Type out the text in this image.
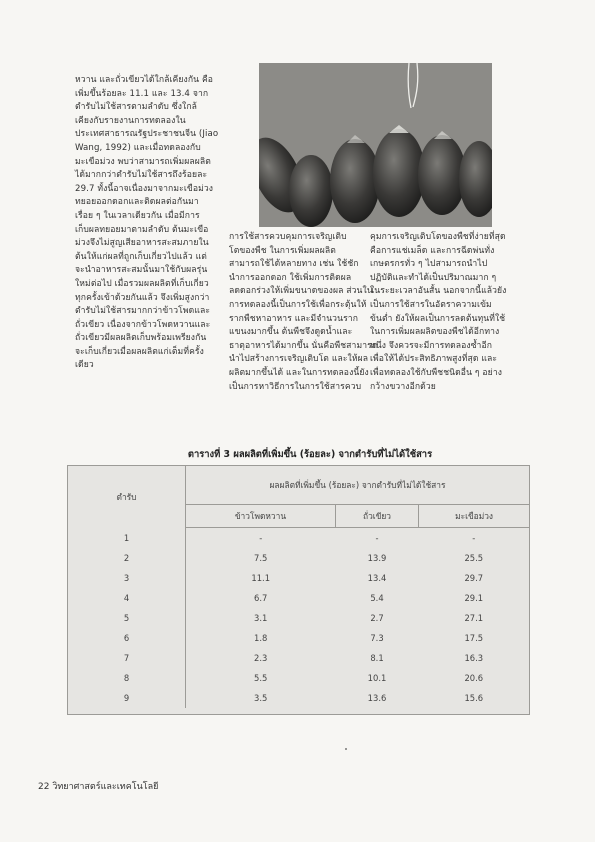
หวาน และถั่วเขียวได้ใกล้เคียงกัน คือ

เพิ่มขึ้นร้อยละ 11.1 และ 13.4 จาก

ตำรับไม่ใช้สารตามลำดับ ซึ่งใกล้

เคียงกับรายงานการทดลองใน

ประเทศสาธารณรัฐประชาชนจีน (Jiao

Wang, 1992) และเมื่อทดลองกับ

มะเขือม่วง พบว่าสามารถเพิ่มผลผลิต

ได้มากกว่าตำรับไม่ใช้สารถึงร้อยละ

29.7 ทั้งนี้อาจเนื่องมาจากมะเขือม่วง

ทยอยออกดอกและติดผลต่อกันมา

เรื่อย ๆ ในเวลาเดียวกัน เมื่อมีการ

เก็บผลทยอยมาตามลำดับ ต้นมะเขือ

ม่วงจึงไม่สูญเสียอาหารสะสมภายใน

ต้นให้แก่ผลที่ถูกเก็บเกี่ยวไปแล้ว แต่

จะนำอาหารสะสมนั้นมาใช้กับผลรุ่น

ใหม่ต่อไป เมื่อรวมผลผลิตที่เก็บเกี่ยว

ทุกครั้งเข้าด้วยกันแล้ว จึงเพิ่มสูงกว่า

ตำรับไม่ใช้สารมากกว่าข้าวโพดและ

ถั่วเขียว เนื่องจากข้าวโพดหวานและ

ถั่วเขียวมีผลผลิตเก็บพร้อมเพรียงกัน

จะเก็บเกี่ยวเมื่อผลผลิตแก่เต็มที่ครั้ง

เดียว

การใช้สารควบคุมการเจริญเติบ

โตของพืช ในการเพิ่มผลผลิต

สามารถใช้ได้หลายทาง เช่น ใช้ชัก

นำการออกดอก ใช้เพิ่มการติดผล

ลดดอกร่วงให้เพิ่มขนาดของผล ส่วนใน

การทดลองนี้เป็นการใช้เพื่อกระตุ้นให้

รากพืชหาอาหาร และมีจำนวนราก

แขนงมากขึ้น ต้นพืชจึงดูดน้ำและ

ธาตุอาหารได้มากขึ้น นั่นคือพืชสามารถ

นำไปสร้างการเจริญเติบโต และให้ผล

ผลิตมากขึ้นได้ และในการทดลองนี้ยัง

เป็นการหาวิธีการในการใช้สารควบ

คุมการเจริญเติบโตของพืชที่ง่ายที่สุด

คือการแช่เมล็ด และการฉีดพ่นทั่ง

เกษตรกรทั่ว ๆ ไปสามารถนำไป

ปฏิบัติและทำได้เป็นปริมาณมาก ๆ

ในระยะเวลาอันสั้น นอกจากนี้แล้วยัง

เป็นการใช้สารในอัตราความเข้ม

ข้นต่ำ ยังให้ผลเป็นการลดต้นทุนที่ใช้

ในการเพิ่มผลผลิตของพืชได้อีกทาง

หนึ่ง จึงควรจะมีการทดลองซ้ำอีก

เพื่อให้ได้ประสิทธิภาพสูงที่สุด และ

เพื่อทดลองใช้กับพืชชนิดอื่น ๆ อย่าง

กว้างขวางอีกด้วย

ตารางที่ 3 ผลผลิตที่เพิ่มขึ้น (ร้อยละ) จากตำรับที่ไม่ได้ใช้สาร
ตำรับ	ผลผลิตที่เพิ่มขึ้น (ร้อยละ) จากตำรับที่ไม่ได้ใช้สาร		
	ข้าวโพดหวาน	ถั่วเขียว	มะเขือม่วง
1	-	-	-
2	7.5	13.9	25.5
3	11.1	13.4	29.7
4	6.7	5.4	29.1
5	3.1	2.7	27.1
6	1.8	7.3	17.5
7	2.3	8.1	16.3
8	5.5	10.1	20.6
9	3.5	13.6	15.6
22 วิทยาศาสตร์และเทคโนโลยี
